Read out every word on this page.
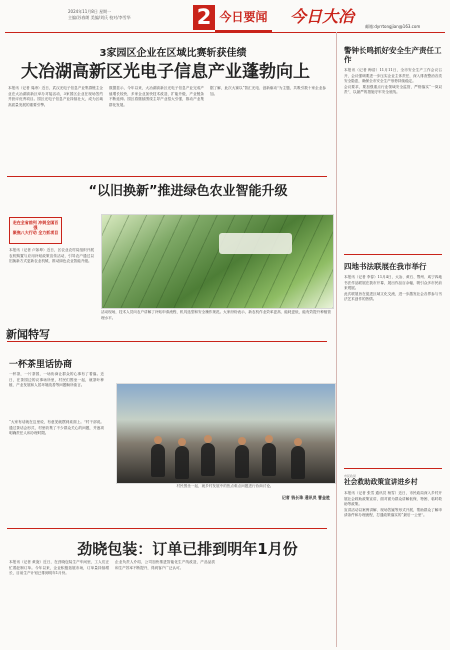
2024年11月8日 星期一
主编/苏春朗 美编/刘氏 校对/李雪华	2 今日要闻 今日大冶
邮箱:dyrrtongjian@163.com
3家园区企业在区域比赛斩获佳绩
大冶湖高新区光电子信息产业蓬勃向上

本报讯（记者 周涛）近日，武汉光电子信息产业集群链主企业在大冶湖高新区举办对接活动，3家园区企业在现场签约并获评优秀项目。园区光电子信息产业持续壮大，成为区域高质量发展的重要引擎。

数据显示，今年以来，大冶湖高新区光电子信息产业完成产值增长较快，多家企业加快技术改造、扩能升级，产业链条不断延伸。园区将继续围绕主导产业招大引强，推动产业集群化发展。

据了解，此次大赛以“智汇光电、创新驱动”为主题，共吸引数十家企业参加。

“以旧换新”推进绿色农业智能升级
走在全省前列 冲刺全国百强
聚焦八大行动 全力抓项目

本报讯（记者 卢如坤）近日，区农业农村局组织开展农机购置与应用补贴政策宣传活动，引导农户通过以旧换新方式更新农业机械，推动绿色农业智能升级。

活动现场，技术人员向农户讲解了补贴申请流程、机具选型和安全操作规范。大家纷纷表示，新农机作业效率更高、能耗更低，能有效提升种植管理水平。

新闻特写
一杯茶里话协商

一杯茶，一片茶园，一场协商让群众的心事有了着落。近日，在茶园边的议事场所里，村民们围坐一起，就茶叶种植、产业发展和人居环境改善等问题畅所欲言。

“大家有话就在这里说，有意见就摆到桌面上。”村干部说。通过茶话会形式，村里收集了不少群众关心的问题，并逐项明确责任人和办理时限。

村民围坐一起，就乡村发展中的热点难点问题进行协商讨论。
记者 钱长珠 通讯员 曹金胜
劲晓包装：订单已排到明年1月份

本报讯（记者 黄旋）近日，在劲晓包装生产车间里，工人们正忙着赶制订单。今年以来，企业积极拓展市场，订单量持续增长，目前生产计划已排到明年1月份。

企业负责人介绍，公司加快推进智能化生产线改造，产品品质和生产效率不断提升，得到客户广泛认可。

警钟长鸣抓好安全生产责任工作

本报讯（记者 梅浩）11月11日，全市安全生产工作会议召开，会议强调要进一步压实企业主体责任，深入排查整治各类安全隐患，确保全市安全生产形势持续稳定。

会议要求，要加强重点行业领域安全监管，严格落实“一岗双责”，以最严的措施守牢安全底线。

四地书法联展在我市举行

本报讯（记者 李春）11月4日，大冶、黄石、鄂州、咸宁四地书法作品联展在我市开幕，展出作品百余幅，吸引众多市民前来观展。

此次联展旨在促进区域文化交流，进一步激发社会各界参与书法艺术创作的热情。

市民政局
社会救助政策宣讲进乡村

本报讯（记者 张雪 通讯员 杨雪）近日，市民政局深入乡村开展社会救助政策宣讲，面对面为群众讲解低保、特困、临时救助等政策。

宣讲活动以案例讲解、现场答疑等形式开展，帮助群众了解申请条件和办理流程，打通政策落实的“最后一公里”。
